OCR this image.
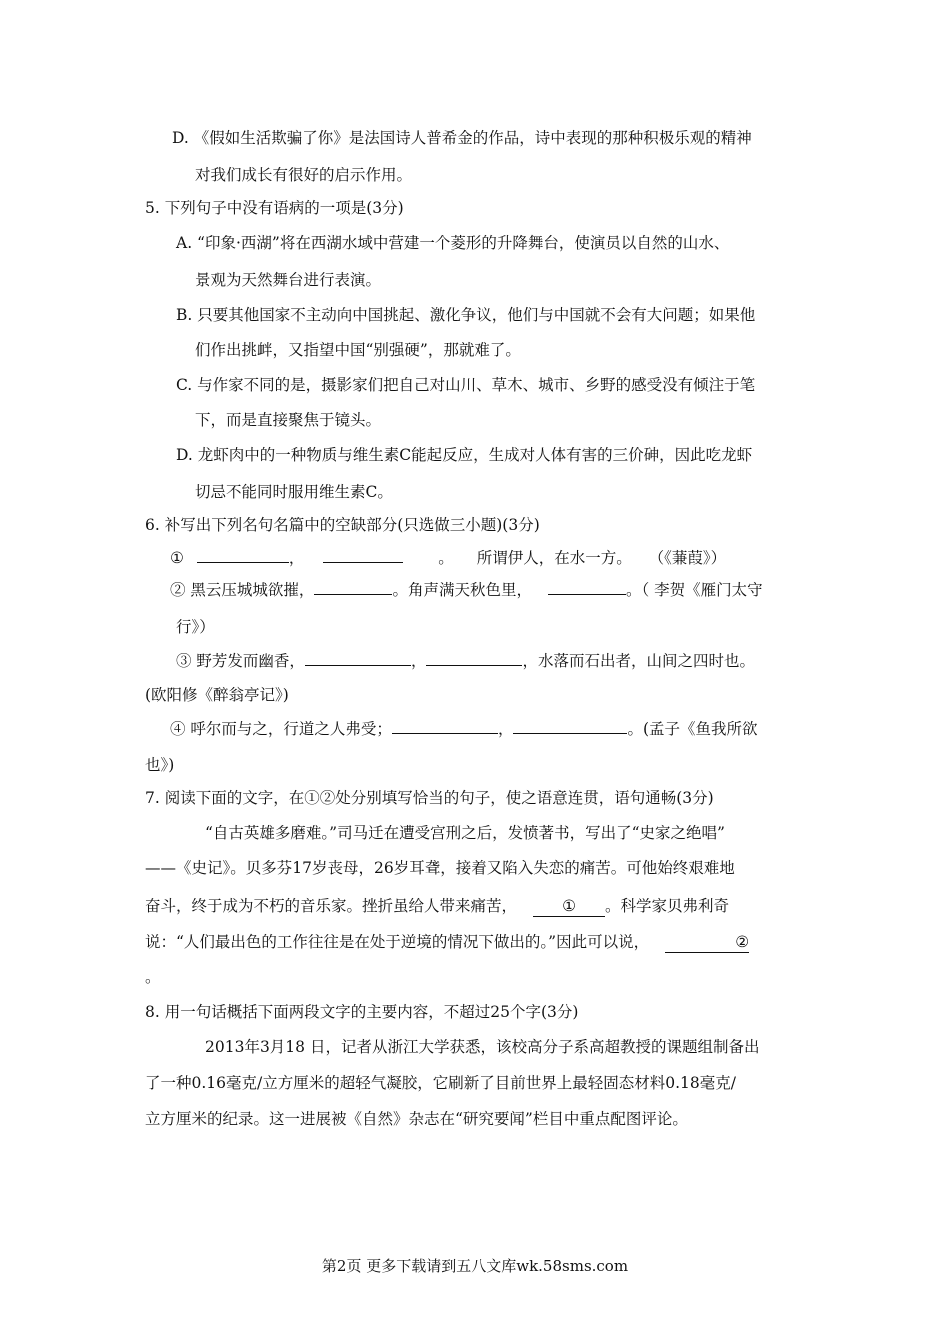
D. 《假如生活欺骗了你》是法国诗人普希金的作品，诗中表现的那种积极乐观的精神
对我们成长有很好的启示作用。
5. 下列句子中没有语病的一项是(3分)
A. “印象·西湖”将在西湖水域中营建一个菱形的升降舞台，使演员以自然的山水、
景观为天然舞台进行表演。
B. 只要其他国家不主动向中国挑起、激化争议，他们与中国就不会有大问题；如果他
们作出挑衅，又指望中国“别强硬”，那就难了。
C. 与作家不同的是，摄影家们把自己对山川、草木、城市、乡野的感受没有倾注于笔
下，而是直接聚焦于镜头。
D. 龙虾肉中的一种物质与维生素C能起反应，生成对人体有害的三价砷，因此吃龙虾
切忌不能同时服用维生素C。
6. 补写出下列名句名篇中的空缺部分(只选做三小题)(3分)
①	，	。 所谓伊人，在水一方。 （《蒹葭》）
② 黑云压城城欲摧，	。角声满天秋色里，	。（ 李贺《雁门太守
行》）
③ 野芳发而幽香，	，	，水落而石出者，山间之四时也。
(欧阳修《醉翁亭记》)
④ 呼尔而与之，行道之人弗受；	，	。(孟子《鱼我所欲
也》)
7. 阅读下面的文字，在①②处分别填写恰当的句子，使之语意连贯，语句通畅(3分)
“自古英雄多磨难。”司马迁在遭受宫刑之后，发愤著书，写出了“史家之绝唱”
——《史记》。贝多芬17岁丧母，26岁耳聋，接着又陷入失恋的痛苦。可他始终艰难地
奋斗，终于成为不朽的音乐家。挫折虽给人带来痛苦，	① 。科学家贝弗利奇
说：“人们最出色的工作往往是在处于逆境的情况下做出的。”因此可以说，	②
。
8. 用一句话概括下面两段文字的主要内容，不超过25个字(3分)
2013年3月18 日，记者从浙江大学获悉，该校高分子系高超教授的课题组制备出
了一种0.16毫克/立方厘米的超轻气凝胶，它刷新了目前世界上最轻固态材料0.18毫克/
立方厘米的纪录。这一进展被《自然》杂志在“研究要闻”栏目中重点配图评论。
第2页 更多下载请到五八文库wk.58sms.com
